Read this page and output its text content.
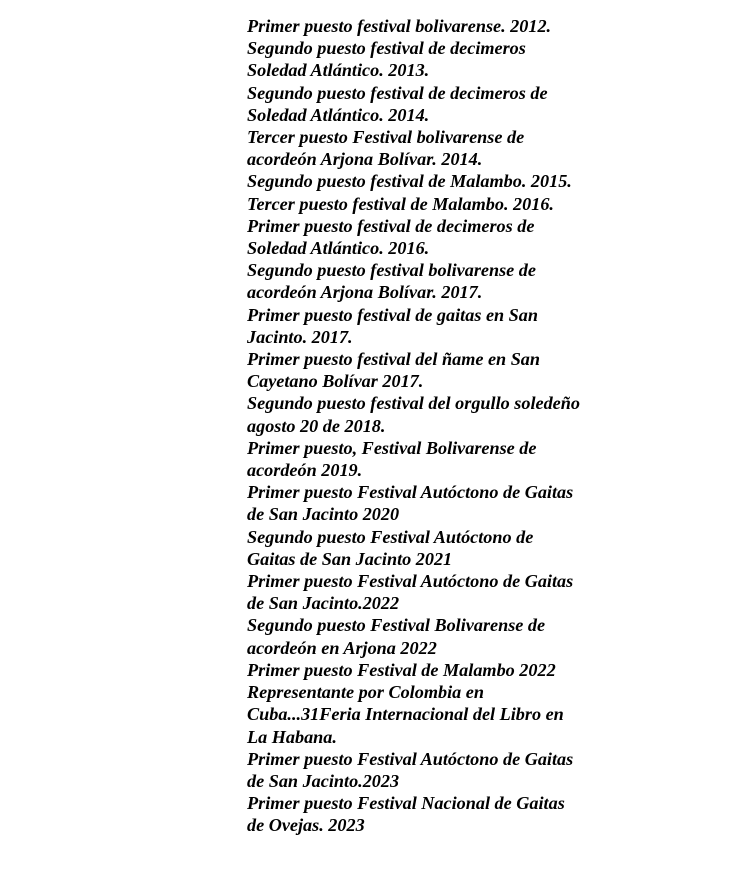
Primer puesto festival bolivarense. 2012.
Segundo puesto festival de decimeros
Soledad Atlántico. 2013.
Segundo puesto festival de decimeros de
Soledad Atlántico. 2014.
Tercer puesto Festival bolivarense de
acordeón Arjona Bolívar. 2014.
Segundo puesto festival de Malambo. 2015.
Tercer puesto festival de Malambo. 2016.
Primer puesto festival de decimeros de
Soledad Atlántico. 2016.
Segundo puesto festival bolivarense de
acordeón Arjona Bolívar. 2017.
Primer puesto festival de gaitas en San
Jacinto. 2017.
Primer puesto festival del ñame en San
Cayetano Bolívar 2017.
Segundo puesto festival del orgullo soledeño
agosto 20 de 2018.
Primer puesto, Festival Bolivarense de
acordeón 2019.
Primer puesto Festival Autóctono de Gaitas
de San Jacinto 2020
Segundo puesto Festival Autóctono de
Gaitas de San Jacinto 2021
Primer puesto Festival Autóctono de Gaitas
de San Jacinto.2022
Segundo puesto Festival Bolivarense de
acordeón en Arjona 2022
Primer puesto Festival de Malambo 2022
Representante por Colombia en
Cuba...31Feria Internacional del Libro en
La Habana.
Primer puesto Festival Autóctono de Gaitas
de San Jacinto.2023
Primer puesto Festival Nacional de Gaitas
de Ovejas. 2023
